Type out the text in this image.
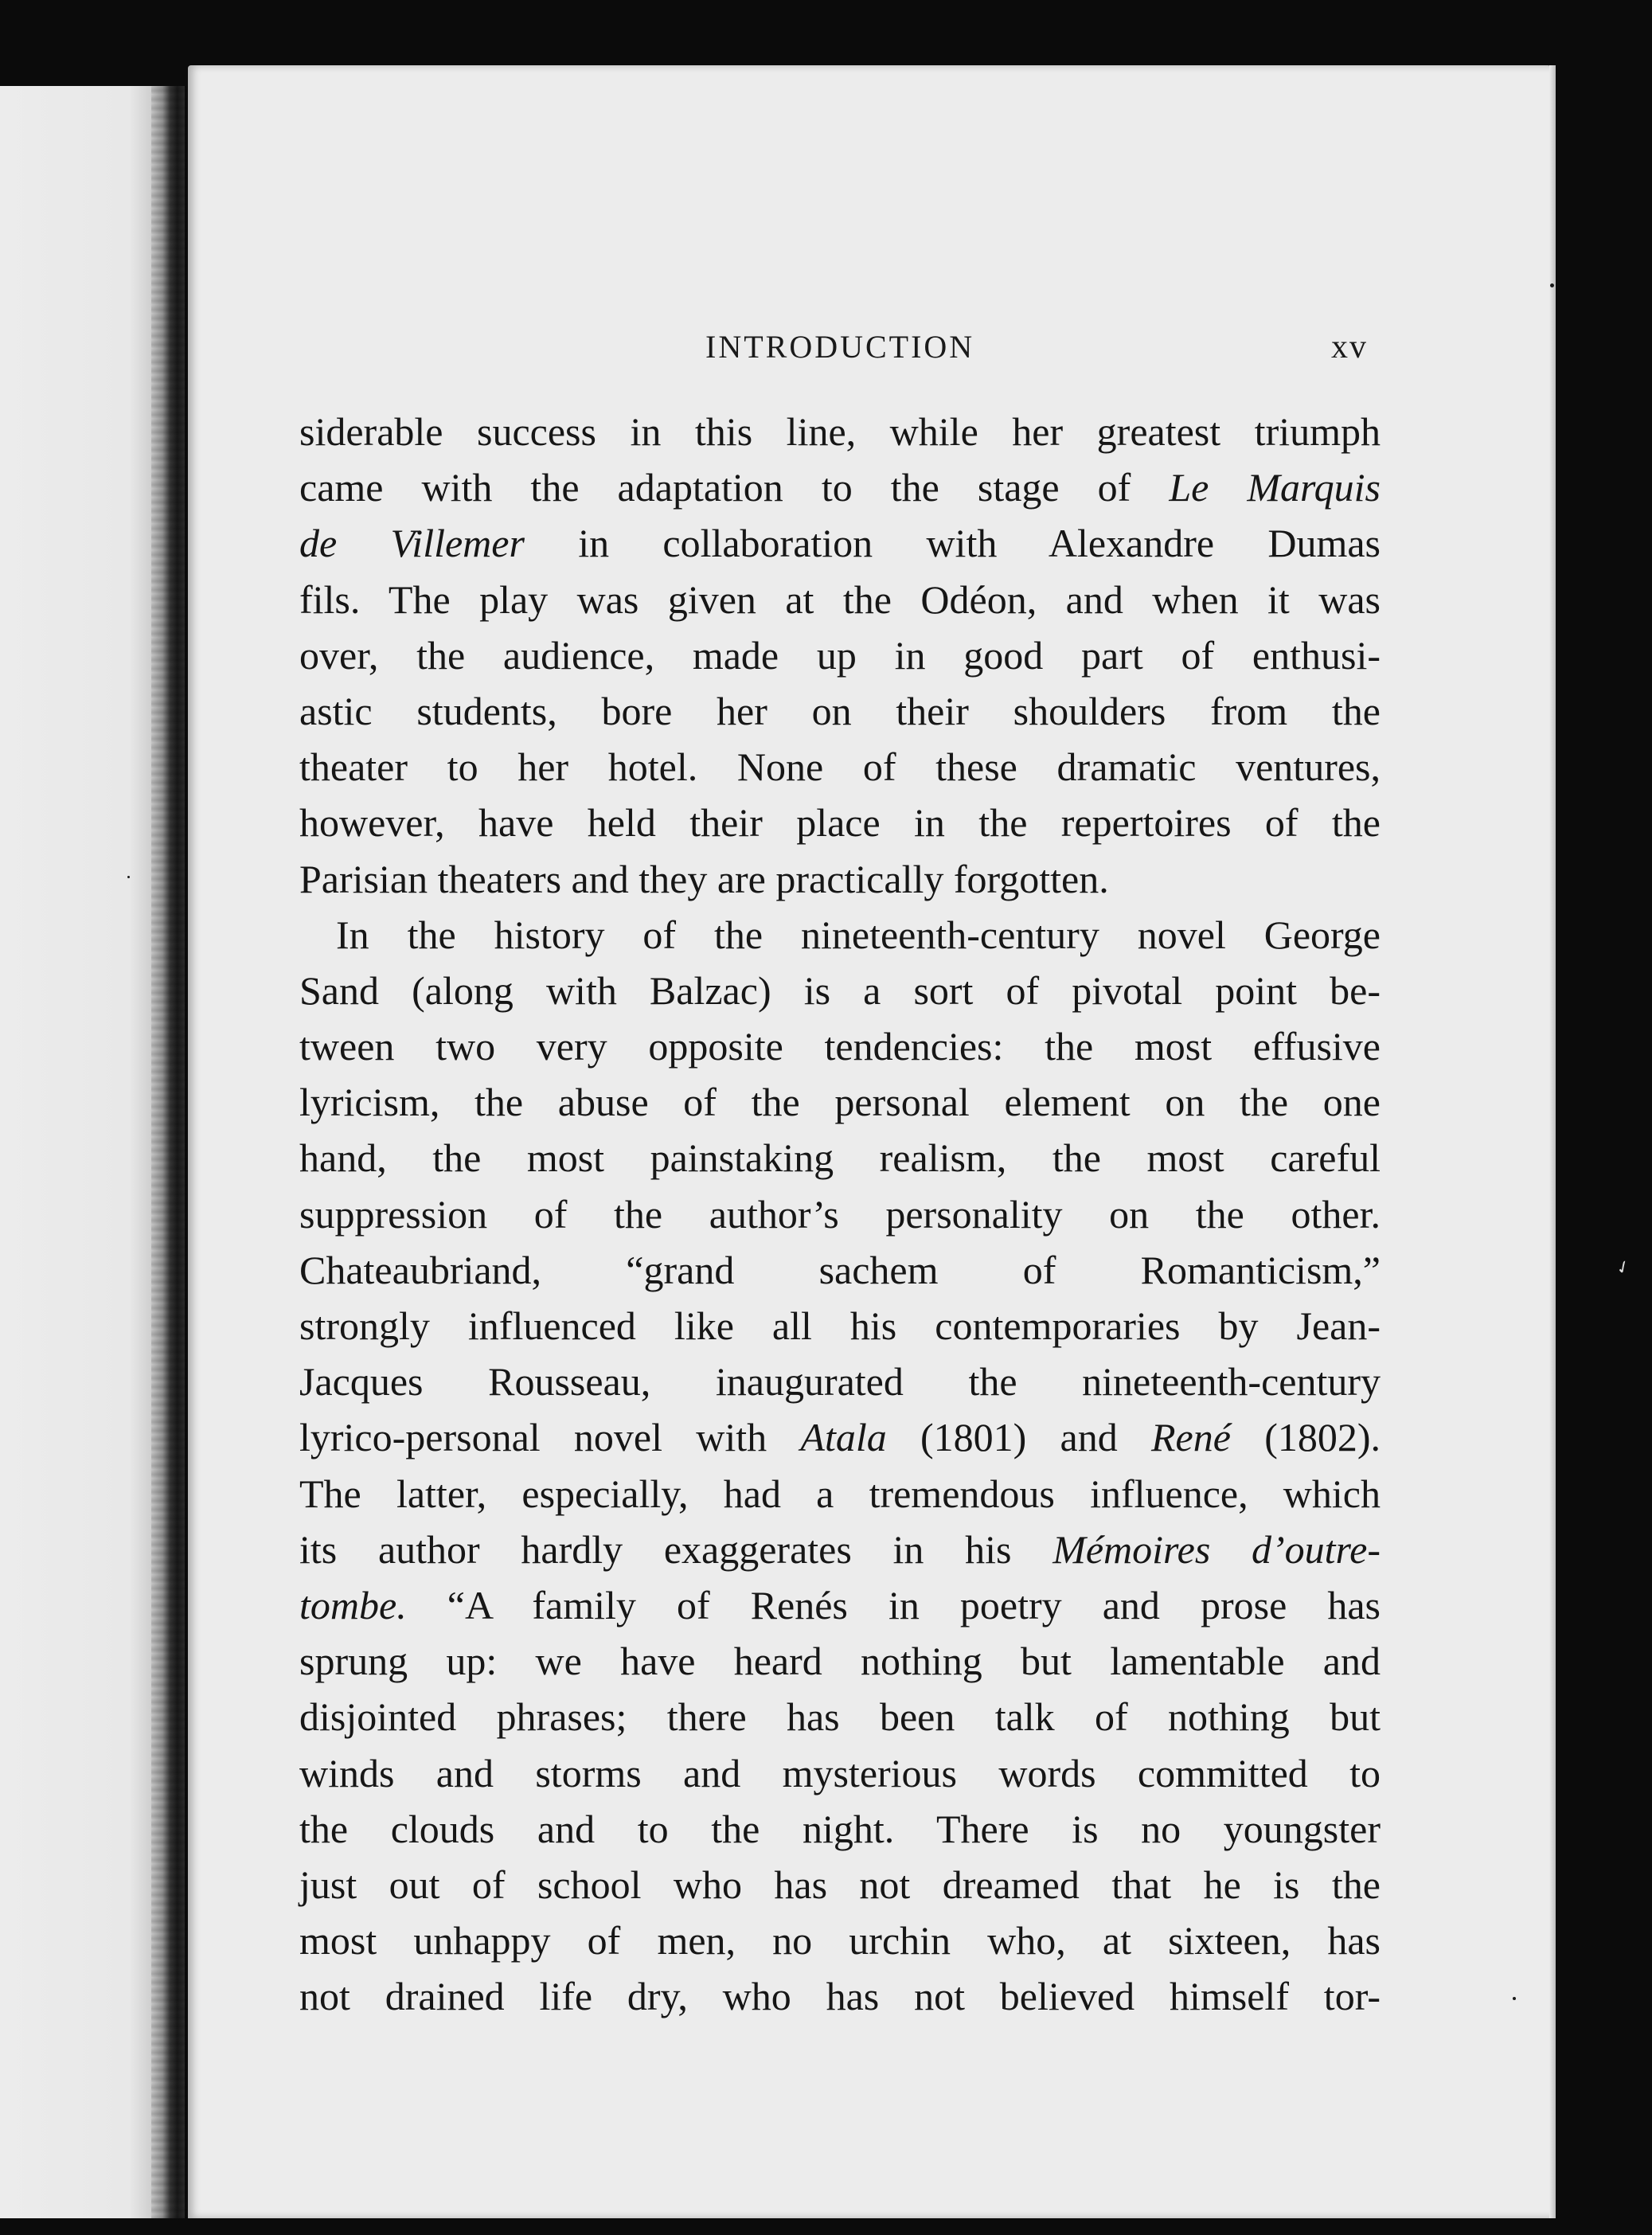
INTRODUCTION	xv
siderable success in this line, while her greatest triumph
came with the adaptation to the stage of Le Marquis
de Villemer in collaboration with Alexandre Dumas
fils. The play was given at the Odéon, and when it was
over, the audience, made up in good part of enthusi-
astic students, bore her on their shoulders from the
theater to her hotel. None of these dramatic ventures,
however, have held their place in the repertoires of the
Parisian theaters and they are practically forgotten.
In the history of the nineteenth-century novel George
Sand (along with Balzac) is a sort of pivotal point be-
tween two very opposite tendencies: the most effusive
lyricism, the abuse of the personal element on the one
hand, the most painstaking realism, the most careful
suppression of the author’s personality on the other.
Chateaubriand, “grand sachem of Romanticism,”
strongly influenced like all his contemporaries by Jean-
Jacques Rousseau, inaugurated the nineteenth-century
lyrico-personal novel with Atala (1801) and René (1802).
The latter, especially, had a tremendous influence, which
its author hardly exaggerates in his Mémoires d’outre-
tombe. “A family of Renés in poetry and prose has
sprung up: we have heard nothing but lamentable and
disjointed phrases; there has been talk of nothing but
winds and storms and mysterious words committed to
the clouds and to the night. There is no youngster
just out of school who has not dreamed that he is the
most unhappy of men, no urchin who, at sixteen, has
not drained life dry, who has not believed himself tor-
✓
